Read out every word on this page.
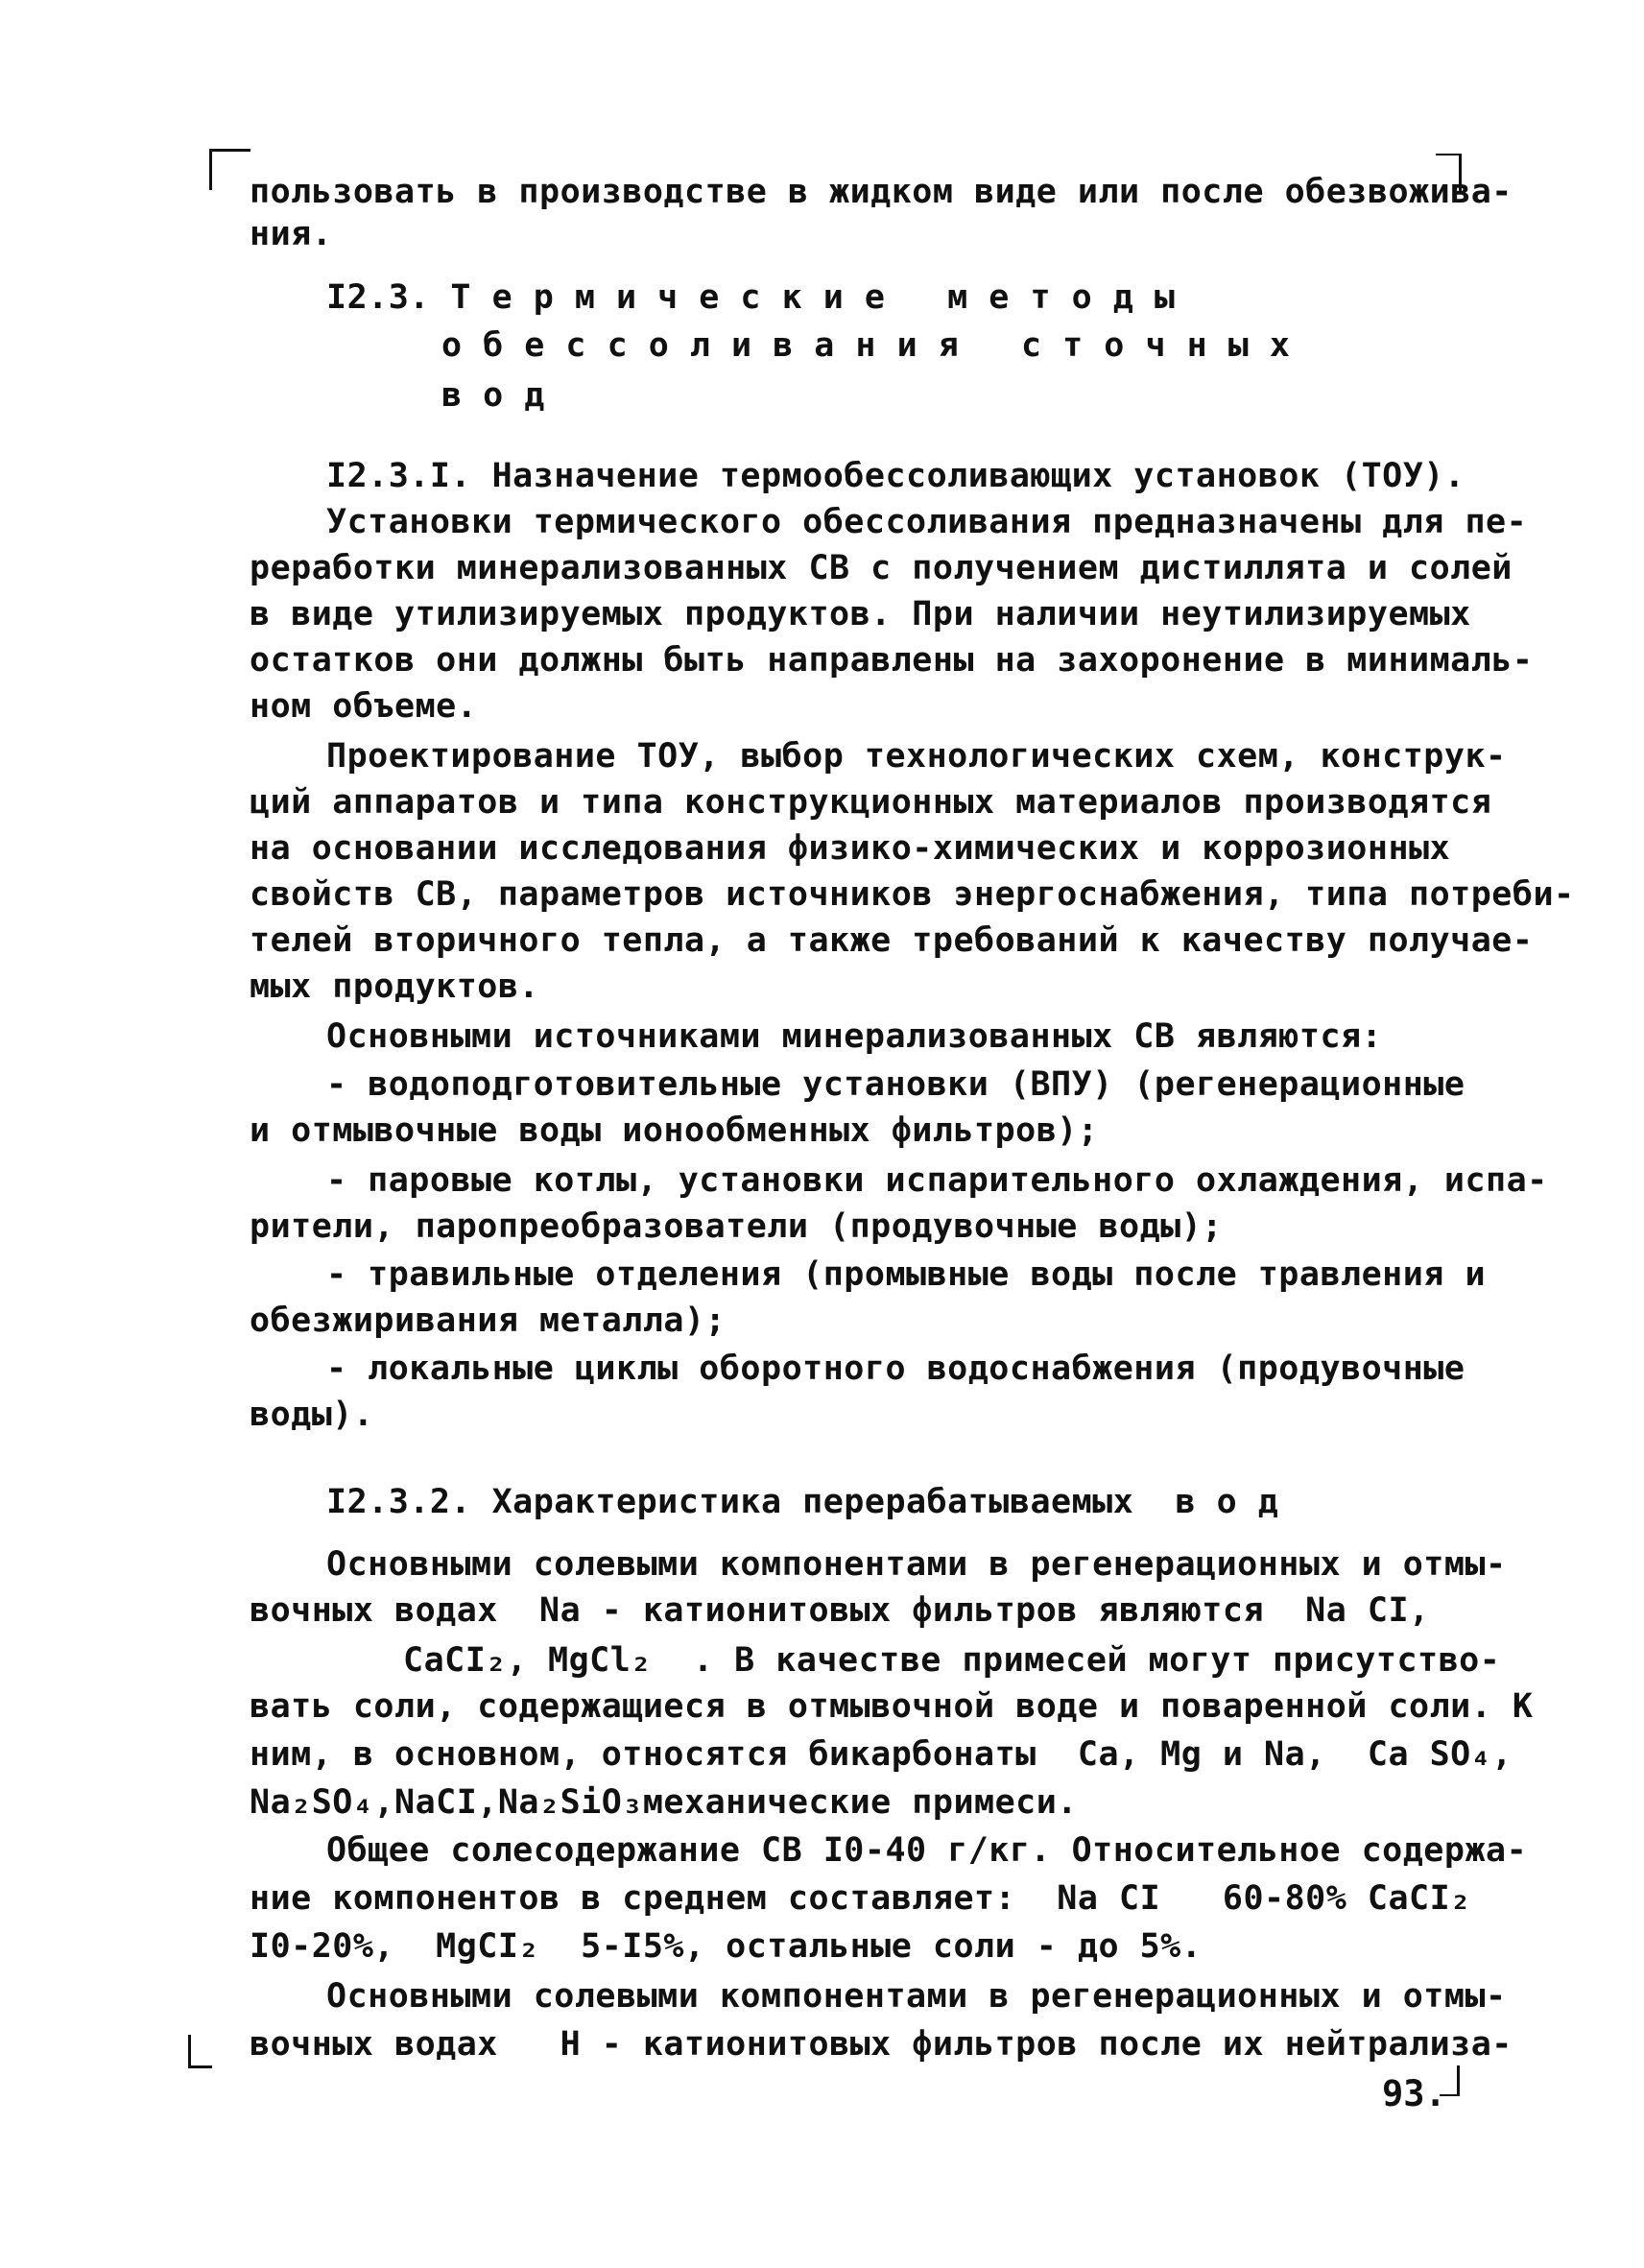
пользовать в производстве в жидком виде или после обезвожива-
ния.
I2.3. Т е р м и ч е с к и е   м е т о д ы
о б е с с о л и в а н и я   с т о ч н ы х
в о д
I2.3.I. Назначение термообессоливающих установок (ТОУ).
Установки термического обессоливания предназначены для пе-
реработки минерализованных СВ с получением дистиллята и солей
в виде утилизируемых продуктов. При наличии неутилизируемых
остатков они должны быть направлены на захоронение в минималь-
ном объеме.
Проектирование ТОУ, выбор технологических схем, конструк-
ций аппаратов и типа конструкционных материалов производятся
на основании исследования физико-химических и коррозионных
свойств СВ, параметров источников энергоснабжения, типа потреби-
телей вторичного тепла, а также требований к качеству получае-
мых продуктов.
Основными источниками минерализованных СВ являются:
- водоподготовительные установки (ВПУ) (регенерационные
и отмывочные воды ионообменных фильтров);
- паровые котлы, установки испарительного охлаждения, испа-
рители, паропреобразователи (продувочные воды);
- травильные отделения (промывные воды после травления и
обезжиривания металла);
- локальные циклы оборотного водоснабжения (продувочные
воды).
I2.3.2. Характеристика перерабатываемых  в о д
Основными солевыми компонентами в регенерационных и отмы-
вочных водах  Na - катионитовых фильтров являются  Na CI,
CaCI₂, MgCl₂  . В качестве примесей могут присутство-
вать соли, содержащиеся в отмывочной воде и поваренной соли. К
ним, в основном, относятся бикарбонаты  Ca, Mg и Na,  Ca SO₄,
Na₂SO₄,NaCI,Na₂SiO₃механические примеси.
Общее солесодержание СВ I0-40 г/кг. Относительное содержа-
ние компонентов в среднем составляет:  Na CI   60-80% CaCI₂
I0-20%,  MgCI₂  5-I5%, остальные соли - до 5%.
Основными солевыми компонентами в регенерационных и отмы-
вочных водах   H - катионитовых фильтров после их нейтрализа-
93.
